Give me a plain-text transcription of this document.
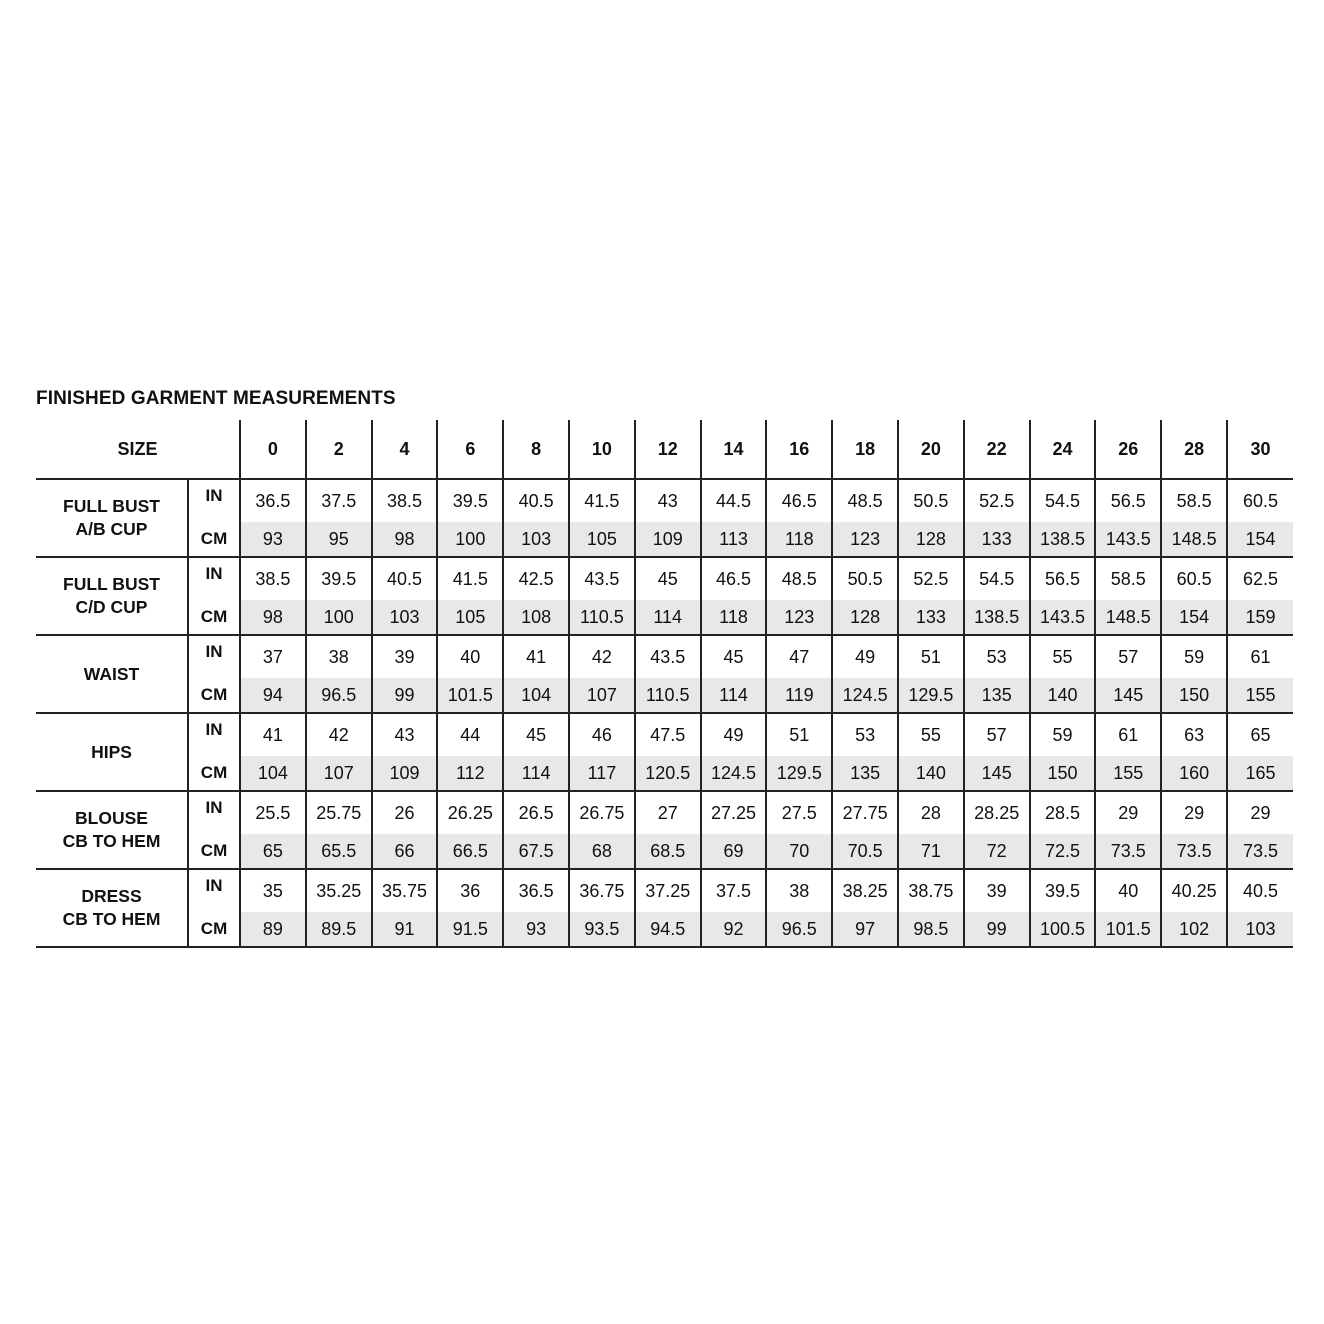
FINISHED GARMENT MEASUREMENTS
SIZE		0	2	4	6	8	10	12	14	16	18	20	22	24	26	28	30

FULL BUST
A/B CUP	IN	36.5	37.5	38.5	39.5	40.5	41.5	43	44.5	46.5	48.5	50.5	52.5	54.5	56.5	58.5	60.5
	CM	93	95	98	100	103	105	109	113	118	123	128	133	138.5	143.5	148.5	154

FULL BUST
C/D CUP	IN	38.5	39.5	40.5	41.5	42.5	43.5	45	46.5	48.5	50.5	52.5	54.5	56.5	58.5	60.5	62.5
	CM	98	100	103	105	108	110.5	114	118	123	128	133	138.5	143.5	148.5	154	159

WAIST	IN	37	38	39	40	41	42	43.5	45	47	49	51	53	55	57	59	61
	CM	94	96.5	99	101.5	104	107	110.5	114	119	124.5	129.5	135	140	145	150	155

HIPS	IN	41	42	43	44	45	46	47.5	49	51	53	55	57	59	61	63	65
	CM	104	107	109	112	114	117	120.5	124.5	129.5	135	140	145	150	155	160	165

BLOUSE
CB TO HEM	IN	25.5	25.75	26	26.25	26.5	26.75	27	27.25	27.5	27.75	28	28.25	28.5	29	29	29
	CM	65	65.5	66	66.5	67.5	68	68.5	69	70	70.5	71	72	72.5	73.5	73.5	73.5

DRESS
CB TO HEM	IN	35	35.25	35.75	36	36.5	36.75	37.25	37.5	38	38.25	38.75	39	39.5	40	40.25	40.5
	CM	89	89.5	91	91.5	93	93.5	94.5	92	96.5	97	98.5	99	100.5	101.5	102	103
